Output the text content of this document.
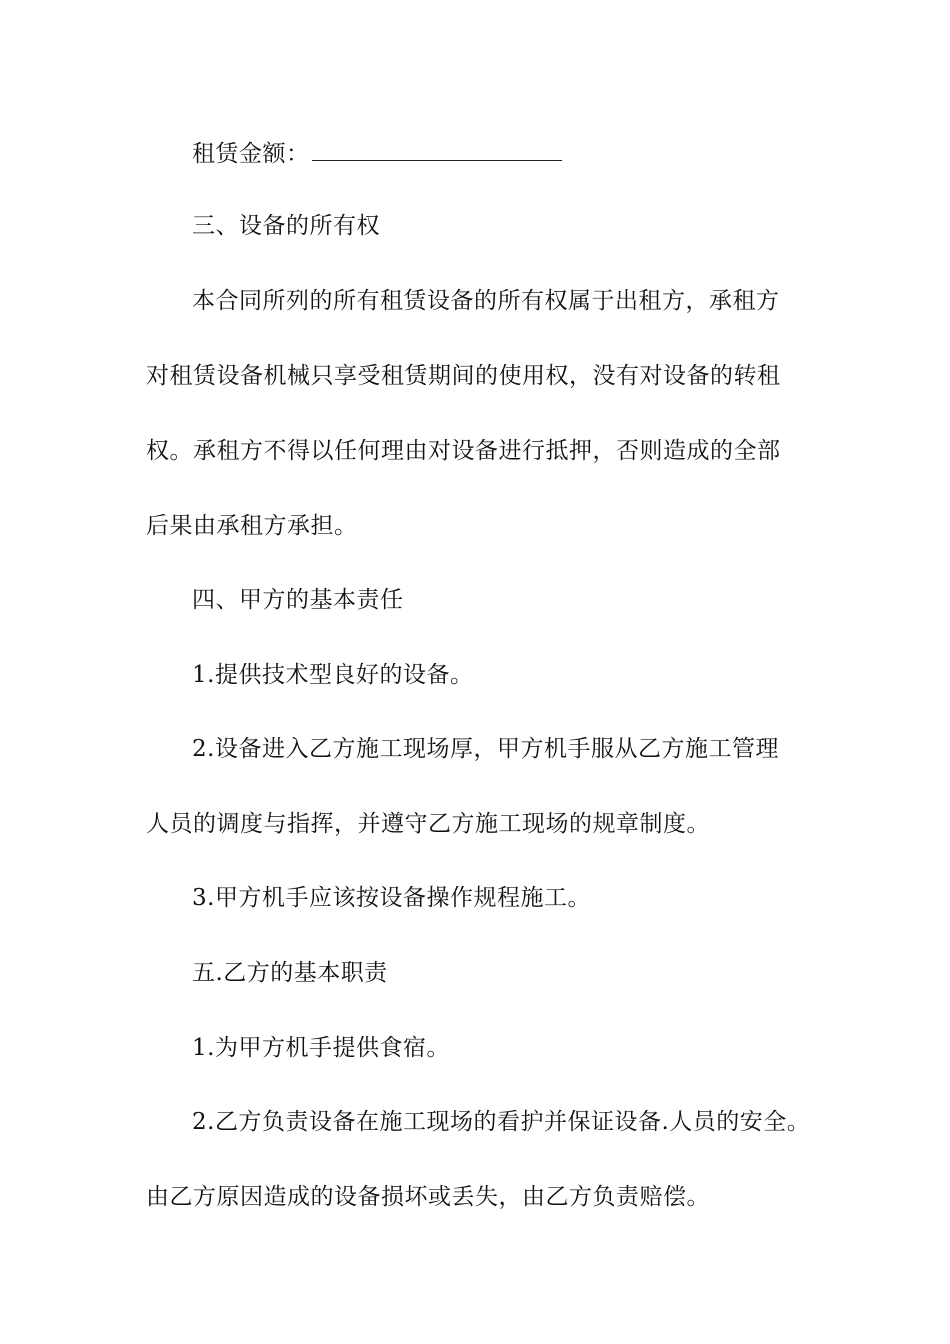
租赁金额：
三、设备的所有权
本合同所列的所有租赁设备的所有权属于出租方，承租方
对租赁设备机械只享受租赁期间的使用权，没有对设备的转租
权。承租方不得以任何理由对设备进行抵押，否则造成的全部
后果由承租方承担。
四、甲方的基本责任
1.提供技术型良好的设备。
2.设备进入乙方施工现场厚，甲方机手服从乙方施工管理
人员的调度与指挥，并遵守乙方施工现场的规章制度。
3.甲方机手应该按设备操作规程施工。
五.乙方的基本职责
1.为甲方机手提供食宿。
2.乙方负责设备在施工现场的看护并保证设备.人员的安全。
由乙方原因造成的设备损坏或丢失，由乙方负责赔偿。
